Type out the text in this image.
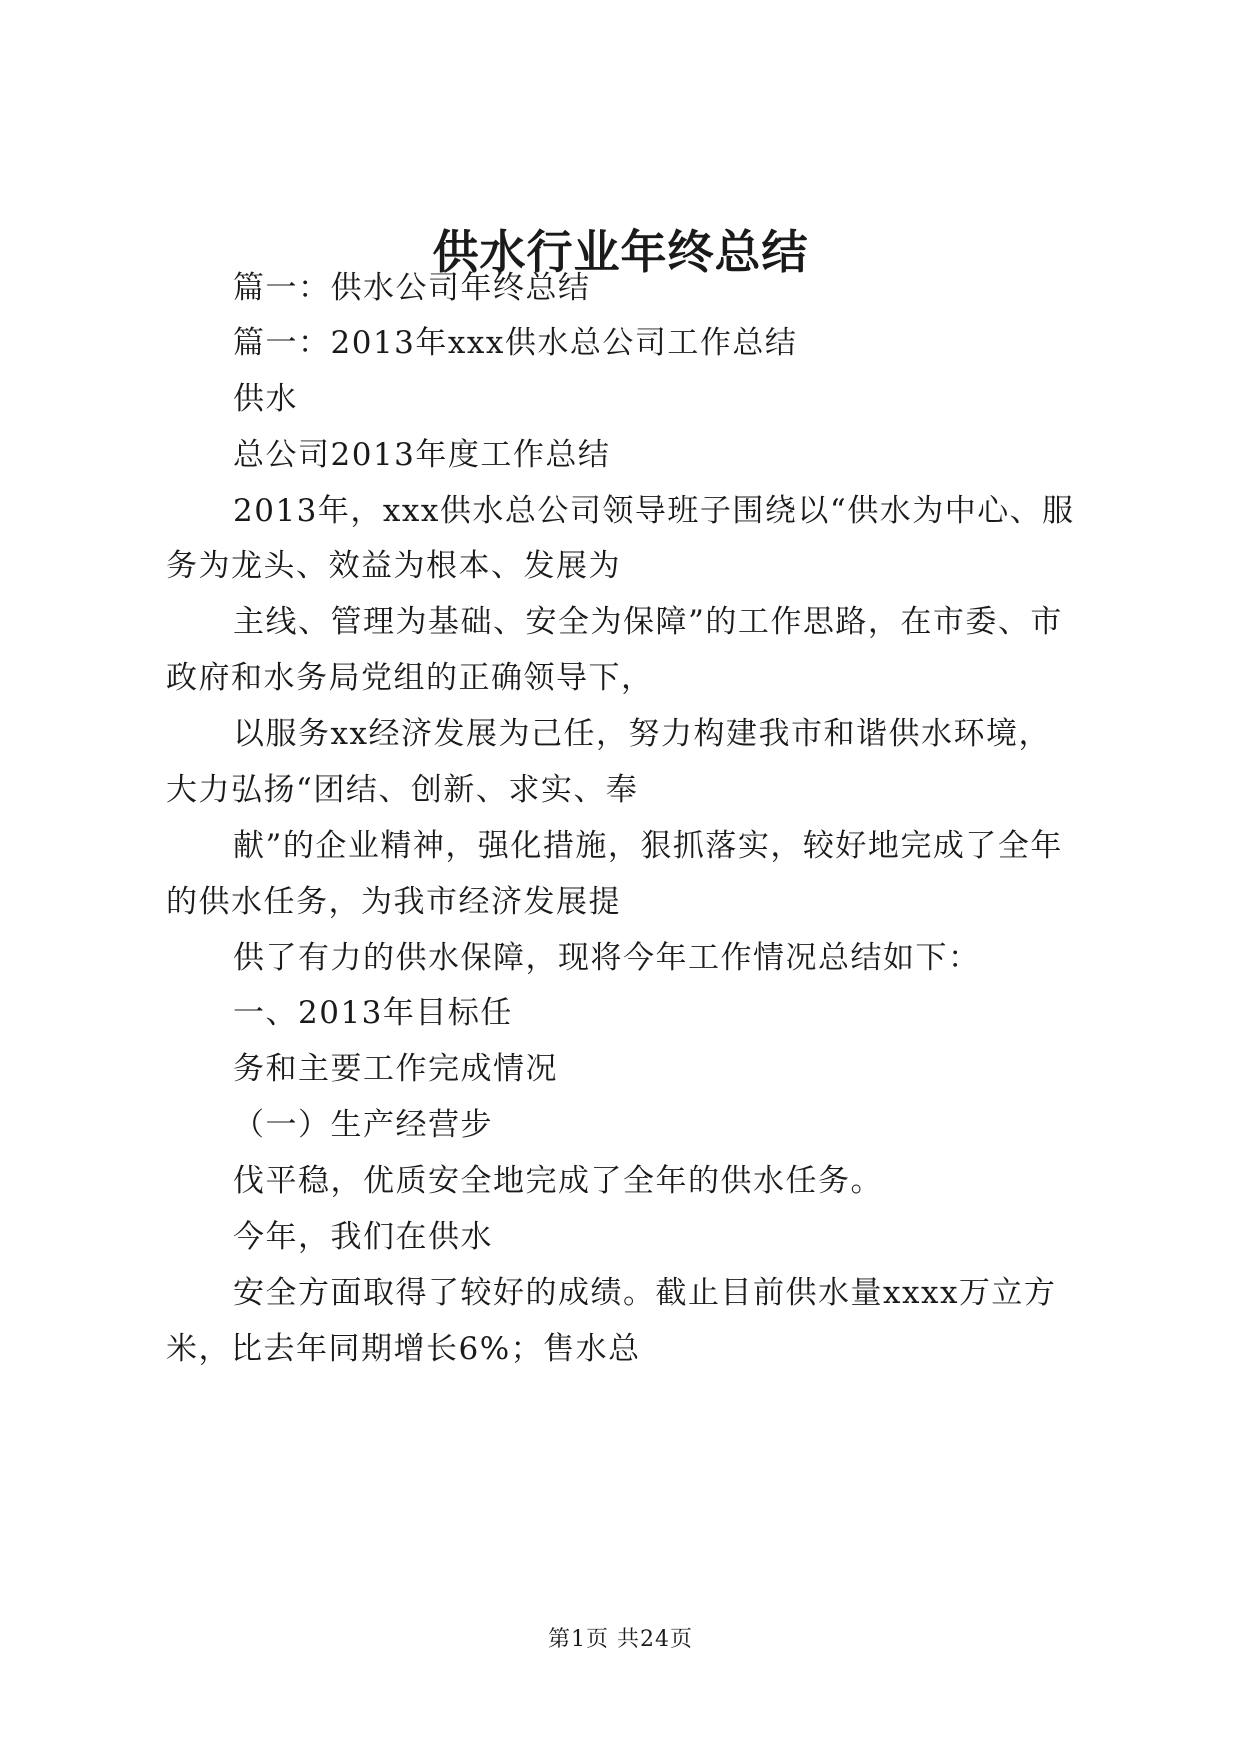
供水行业年终总结
篇一：供水公司年终总结
篇一：2013年xxx供水总公司工作总结
供水
总公司2013年度工作总结
2013年，xxx供水总公司领导班子围绕以“供水为中心、服
务为龙头、效益为根本、发展为
主线、管理为基础、安全为保障”的工作思路，在市委、市
政府和水务局党组的正确领导下，
以服务xx经济发展为己任，努力构建我市和谐供水环境，
大力弘扬“团结、创新、求实、奉
献”的企业精神，强化措施，狠抓落实，较好地完成了全年
的供水任务，为我市经济发展提
供了有力的供水保障，现将今年工作情况总结如下：
一、2013年目标任
务和主要工作完成情况
（一）生产经营步
伐平稳，优质安全地完成了全年的供水任务。
今年，我们在供水
安全方面取得了较好的成绩。截止目前供水量xxxx万立方
米，比去年同期增长6%；售水总
第1页 共24页
